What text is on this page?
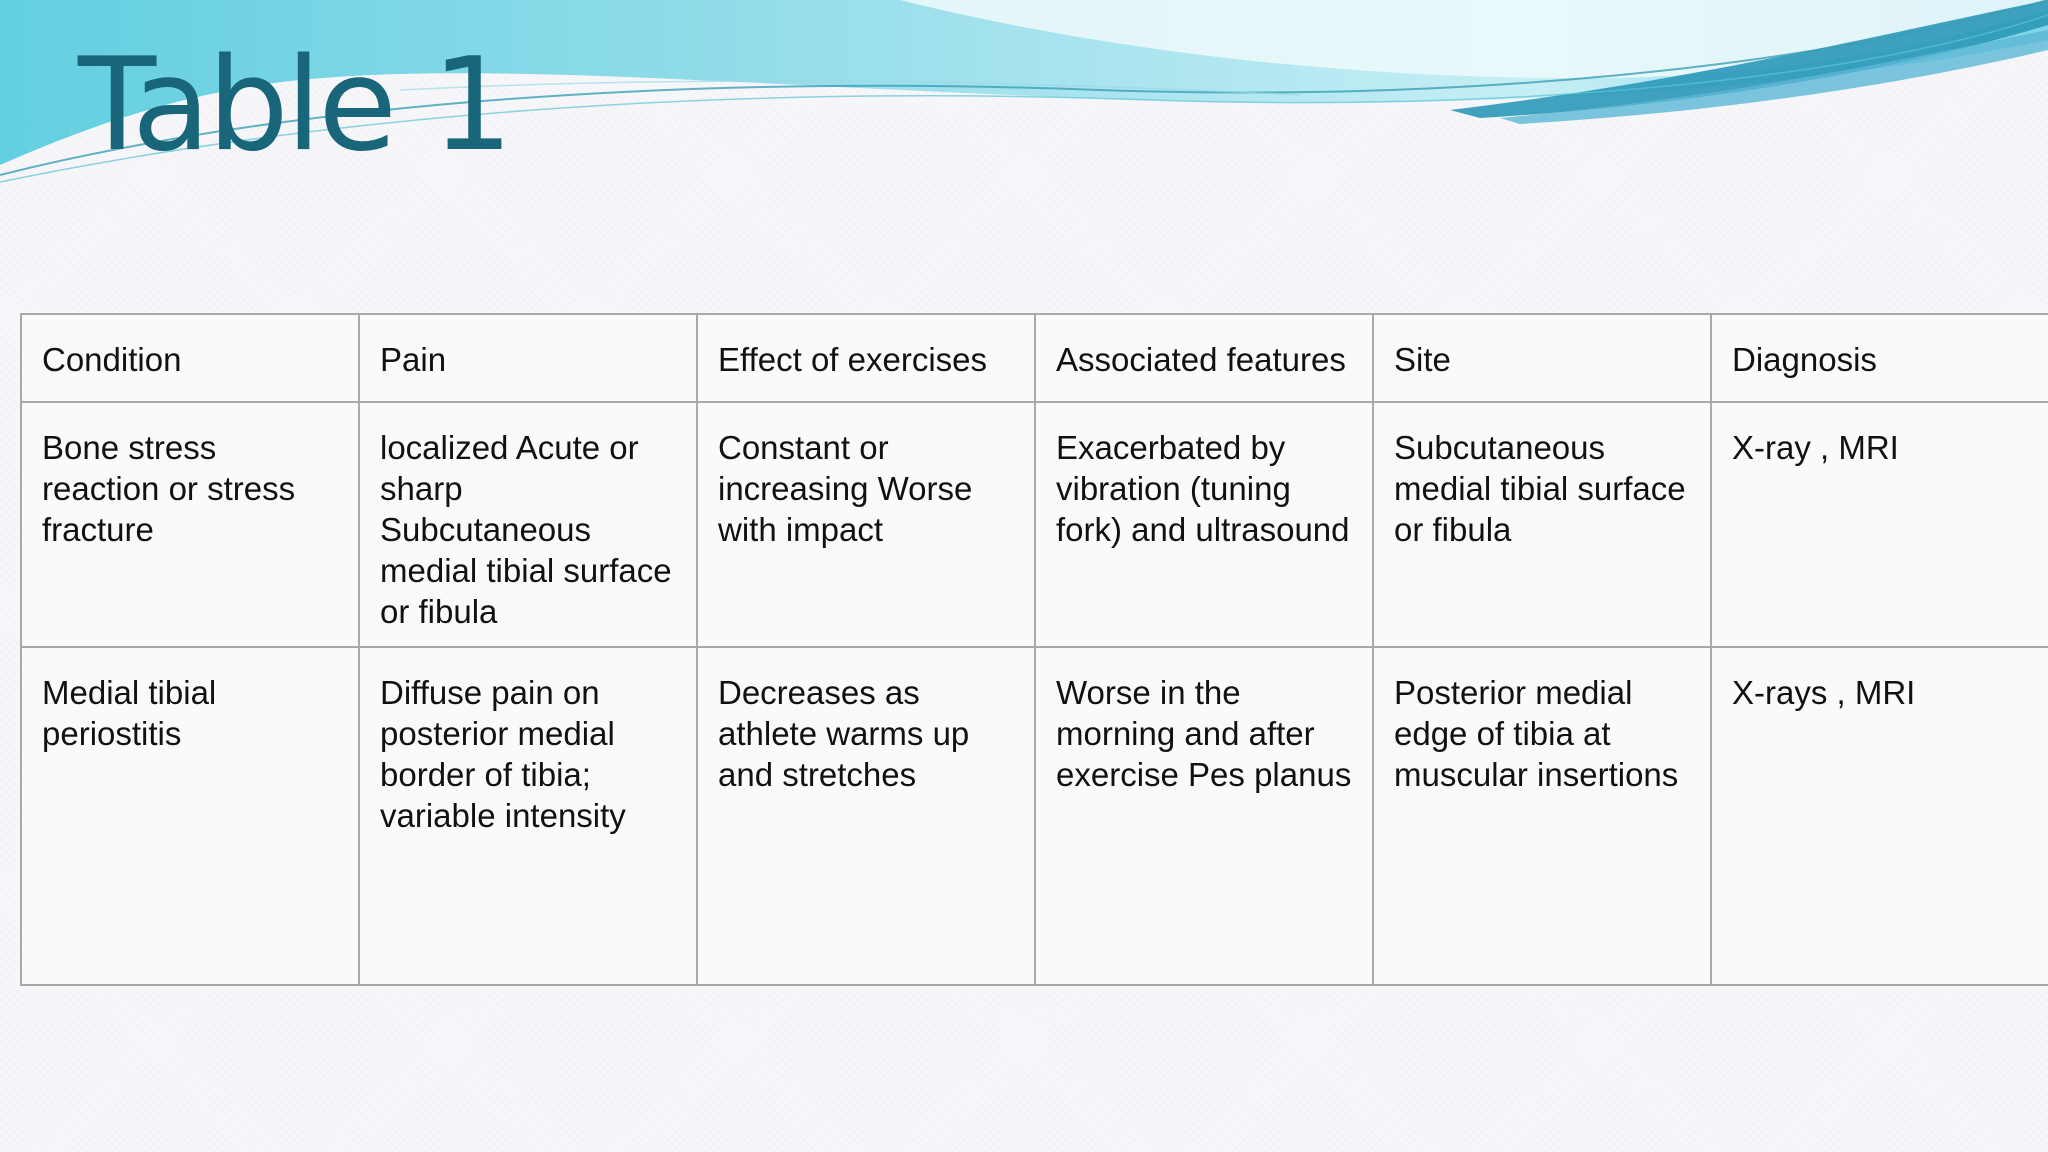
Table 1
Condition	Pain	Effect of exercises	Associated features	Site	Diagnosis
Bone stress reaction or stress fracture	localized Acute or sharp Subcutaneous medial tibial surface or fibula	Constant or increasing Worse with impact	Exacerbated by vibration (tuning fork) and ultrasound	Subcutaneous medial tibial surface or fibula	X-ray , MRI
Medial tibial periostitis	Diffuse pain on posterior medial border of tibia; variable intensity	Decreases as athlete warms up and stretches	Worse in the morning and after exercise Pes planus	Posterior medial edge of tibia at muscular insertions	X-rays , MRI
